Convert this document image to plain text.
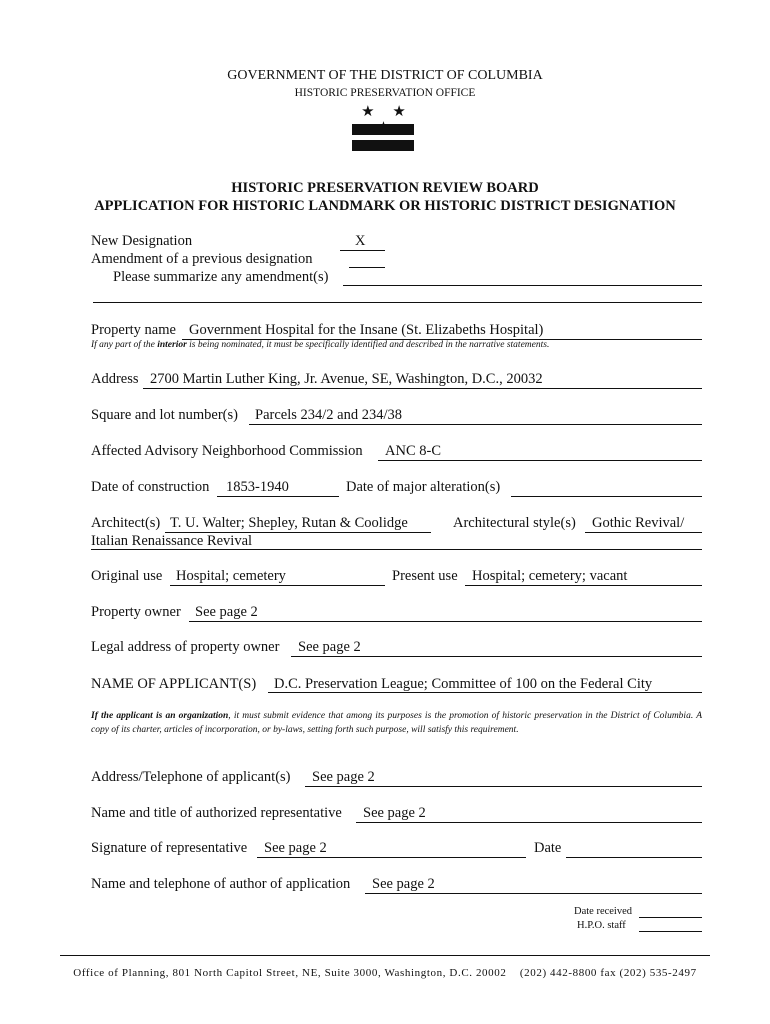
GOVERNMENT OF THE DISTRICT OF COLUMBIA
HISTORIC PRESERVATION OFFICE
★ ★
HISTORIC PRESERVATION REVIEW BOARD
APPLICATION FOR HISTORIC LANDMARK OR HISTORIC DISTRICT DESIGNATION
New Designation	X
Amendment of a previous designation
Please summarize any amendment(s)
Property name Government Hospital for the Insane (St. Elizabeths Hospital)
If any part of the interior is being nominated, it must be specifically identified and described in the narrative statements.
Address 2700 Martin Luther King, Jr. Avenue, SE, Washington, D.C., 20032
Square and lot number(s)	Parcels 234/2 and 234/38
Affected Advisory Neighborhood Commission	ANC 8-C
Date of construction	1853-1940	Date of major alteration(s)
Architect(s) T. U. Walter; Shepley, Rutan & Coolidge	Architectural style(s) Gothic Revival/
Italian Renaissance Revival
Original use Hospital; cemetery	Present use Hospital; cemetery; vacant
Property owner See page 2
Legal address of property owner	See page 2
NAME OF APPLICANT(S)	D.C. Preservation League; Committee of 100 on the Federal City
If the applicant is an organization, it must submit evidence that among its purposes is the promotion of historic preservation in the District of Columbia. A copy of its charter, articles of incorporation, or by-laws, setting forth such purpose, will satisfy this requirement.
Address/Telephone of applicant(s)	See page 2
Name and title of authorized representative	See page 2
Signature of representative	See page 2	Date
Name and telephone of author of application	See page 2
Date received
H.P.O. staff
Office of Planning, 801 North Capitol Street, NE, Suite 3000, Washington, D.C. 20002 (202) 442-8800 fax (202) 535-2497
